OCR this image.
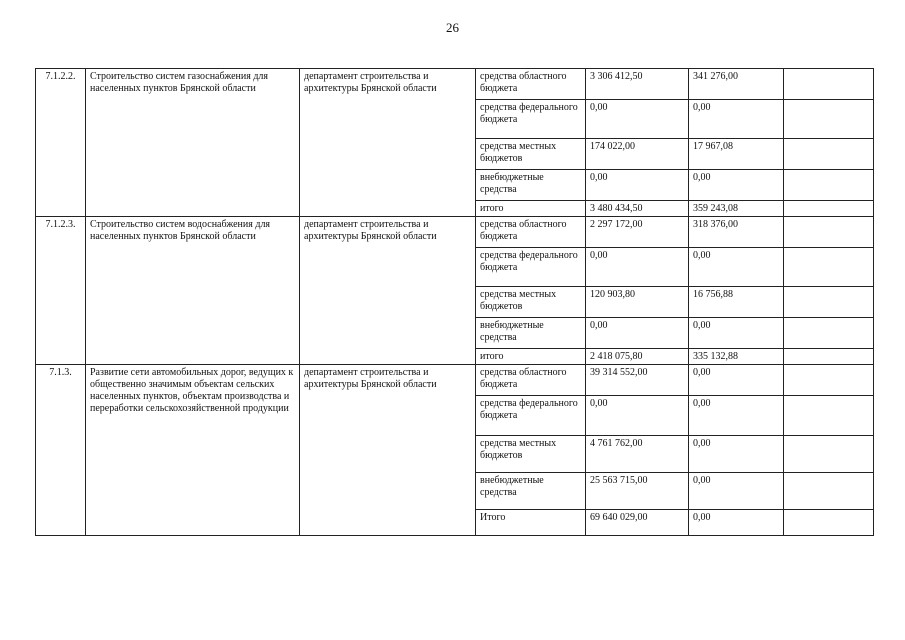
26
7.1.2.2.	Строительство систем газоснабжения для населенных пунктов Брянской области	департамент строительства и архитектуры Брянской области	средства областного бюджета	3 306 412,50	341 276,00	
			средства федерального бюджета	0,00	0,00	
			средства местных бюджетов	174 022,00	17 967,08	
			внебюджетные средства	0,00	0,00	
			итого	3 480 434,50	359 243,08	
7.1.2.3.	Строительство систем водоснабжения для населенных пунктов Брянской области	департамент строительства и архитектуры Брянской области	средства областного бюджета	2 297 172,00	318 376,00	
			средства федерального бюджета	0,00	0,00	
			средства местных бюджетов	120 903,80	16 756,88	
			внебюджетные средства	0,00	0,00	
			итого	2 418 075,80	335 132,88	
7.1.3.	Развитие сети автомобильных дорог, ведущих к общественно значимым объектам сельских населенных пунктов, объектам производства и переработки сельскохозяйственной продукции	департамент строительства и архитектуры Брянской области	средства областного бюджета	39 314 552,00	0,00	
			средства федерального бюджета	0,00	0,00	
			средства местных бюджетов	4 761 762,00	0,00	
			внебюджетные средства	25 563 715,00	0,00	
			Итого	69 640 029,00	0,00	
